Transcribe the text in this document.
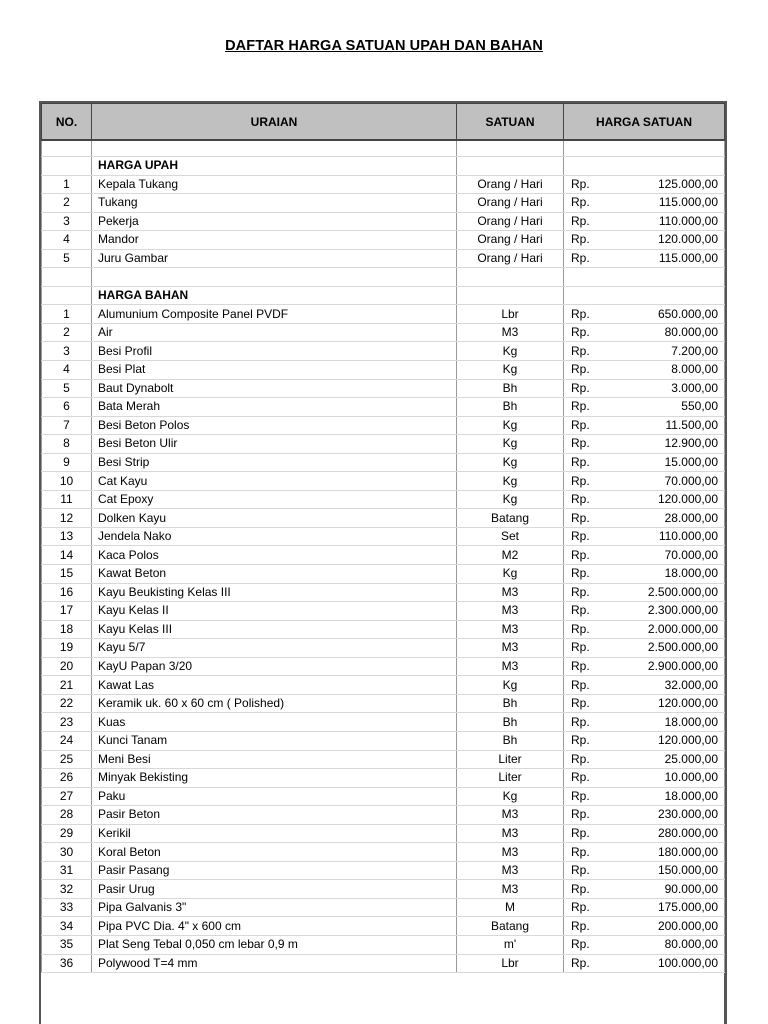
DAFTAR HARGA SATUAN UPAH DAN BAHAN
NO.	URAIAN	SATUAN	HARGA SATUAN

	HARGA UPAH		
1	Kepala Tukang	Orang / Hari	Rp. 125.000,00

2	Tukang	Orang / Hari	Rp. 115.000,00

3	Pekerja	Orang / Hari	Rp. 110.000,00

4	Mandor	Orang / Hari	Rp. 120.000,00

5	Juru Gambar	Orang / Hari	Rp. 115.000,00

	HARGA BAHAN		
1	Alumunium Composite Panel PVDF	Lbr	Rp. 650.000,00

2	Air	M3	Rp. 80.000,00

3	Besi Profil	Kg	Rp. 7.200,00

4	Besi Plat	Kg	Rp. 8.000,00

5	Baut Dynabolt	Bh	Rp. 3.000,00

6	Bata Merah	Bh	Rp. 550,00

7	Besi Beton Polos	Kg	Rp. 11.500,00

8	Besi Beton Ulir	Kg	Rp. 12.900,00

9	Besi Strip	Kg	Rp. 15.000,00

10	Cat Kayu	Kg	Rp. 70.000,00

11	Cat Epoxy	Kg	Rp. 120.000,00

12	Dolken Kayu	Batang	Rp. 28.000,00

13	Jendela Nako	Set	Rp. 110.000,00

14	Kaca Polos	M2	Rp. 70.000,00

15	Kawat Beton	Kg	Rp. 18.000,00

16	Kayu Beukisting Kelas III	M3	Rp. 2.500.000,00

17	Kayu Kelas II	M3	Rp. 2.300.000,00

18	Kayu Kelas III	M3	Rp. 2.000.000,00

19	Kayu 5/7	M3	Rp. 2.500.000,00

20	KayU Papan 3/20	M3	Rp. 2.900.000,00

21	Kawat Las	Kg	Rp. 32.000,00

22	Keramik uk. 60 x 60 cm ( Polished)	Bh	Rp. 120.000,00

23	Kuas	Bh	Rp. 18.000,00

24	Kunci Tanam	Bh	Rp. 120.000,00

25	Meni Besi	Liter	Rp. 25.000,00

26	Minyak Bekisting	Liter	Rp. 10.000,00

27	Paku	Kg	Rp. 18.000,00

28	Pasir Beton	M3	Rp. 230.000,00

29	Kerikil	M3	Rp. 280.000,00

30	Koral Beton	M3	Rp. 180.000,00

31	Pasir Pasang	M3	Rp. 150.000,00

32	Pasir Urug	M3	Rp. 90.000,00

33	Pipa Galvanis 3"	M	Rp. 175.000,00

34	Pipa PVC Dia. 4" x 600 cm	Batang	Rp. 200.000,00

35	Plat Seng Tebal 0,050 cm lebar 0,9 m	m'	Rp. 80.000,00

36	Polywood T=4 mm	Lbr	Rp. 100.000,00
